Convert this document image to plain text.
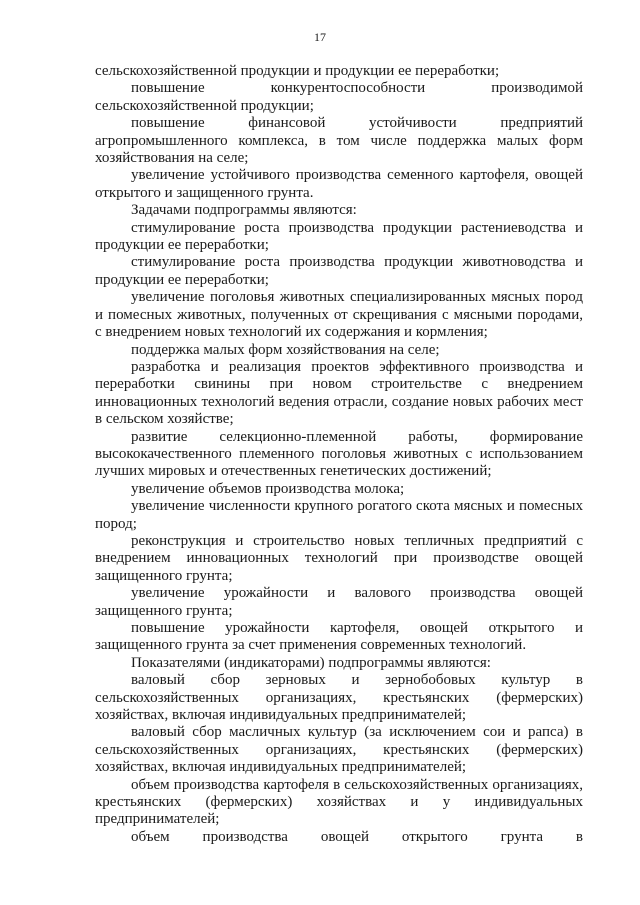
17

сельскохозяйственной продукции и продукции ее переработки;

повышение конкурентоспособности производимой сельскохозяйственной продукции;

повышение финансовой устойчивости предприятий агропромышленного комплекса, в том числе поддержка малых форм хозяйствования на селе;

увеличение устойчивого производства семенного картофеля, овощей открытого и защищенного грунта.

Задачами подпрограммы являются:

стимулирование роста производства продукции растениеводства и продукции ее переработки;

стимулирование роста производства продукции животноводства и продукции ее переработки;

увеличение поголовья животных специализированных мясных пород и помесных животных, полученных от скрещивания с мясными породами, с внедрением новых технологий их содержания и кормления;

поддержка малых форм хозяйствования на селе;

разработка и реализация проектов эффективного производства и переработки свинины при новом строительстве с внедрением инновационных технологий ведения отрасли, создание новых рабочих мест в сельском хозяйстве;

развитие селекционно-племенной работы, формирование высококачественного племенного поголовья животных с использованием лучших мировых и отечественных генетических достижений;

увеличение объемов производства молока;

увеличение численности крупного рогатого скота мясных и помесных пород;

реконструкция и строительство новых тепличных предприятий с внедрением инновационных технологий при производстве овощей защищенного грунта;

увеличение урожайности и валового производства овощей защищенного грунта;

повышение урожайности картофеля, овощей открытого и защищенного грунта за счет применения современных технологий.

Показателями (индикаторами) подпрограммы являются:

валовый сбор зерновых и зернобобовых культур в сельскохозяйственных организациях, крестьянских (фермерских) хозяйствах, включая индивидуальных предпринимателей;

валовый сбор масличных культур (за исключением сои и рапса) в сельскохозяйственных организациях, крестьянских (фермерских) хозяйствах, включая индивидуальных предпринимателей;

объем производства картофеля в сельскохозяйственных организациях, крестьянских (фермерских) хозяйствах и у индивидуальных предпринимателей;

объем производства овощей открытого грунта в
